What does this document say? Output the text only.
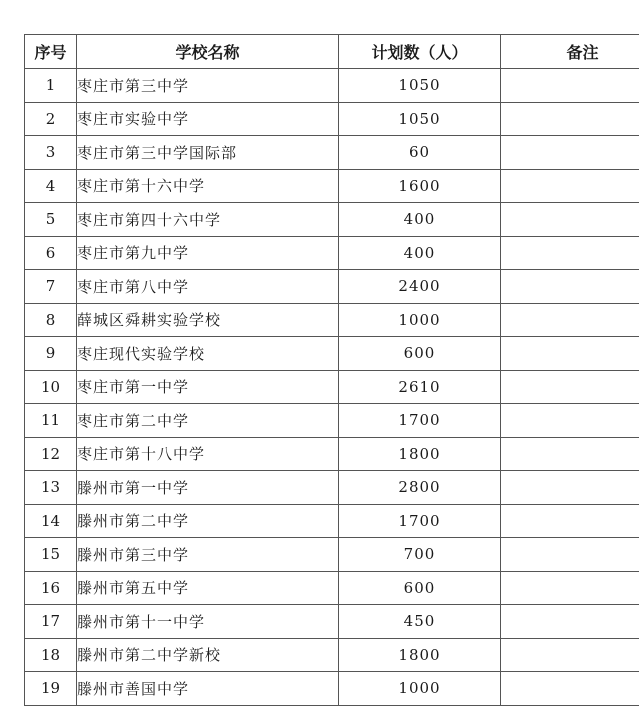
序号	学校名称	计划数（人）	备注
1	枣庄市第三中学	1050	
2	枣庄市实验中学	1050	
3	枣庄市第三中学国际部	60	
4	枣庄市第十六中学	1600	
5	枣庄市第四十六中学	400	
6	枣庄市第九中学	400	
7	枣庄市第八中学	2400	
8	薛城区舜耕实验学校	1000	
9	枣庄现代实验学校	600	
10	枣庄市第一中学	2610	
11	枣庄市第二中学	1700	
12	枣庄市第十八中学	1800	
13	滕州市第一中学	2800	
14	滕州市第二中学	1700	
15	滕州市第三中学	700	
16	滕州市第五中学	600	
17	滕州市第十一中学	450	
18	滕州市第二中学新校	1800	
19	滕州市善国中学	1000	
